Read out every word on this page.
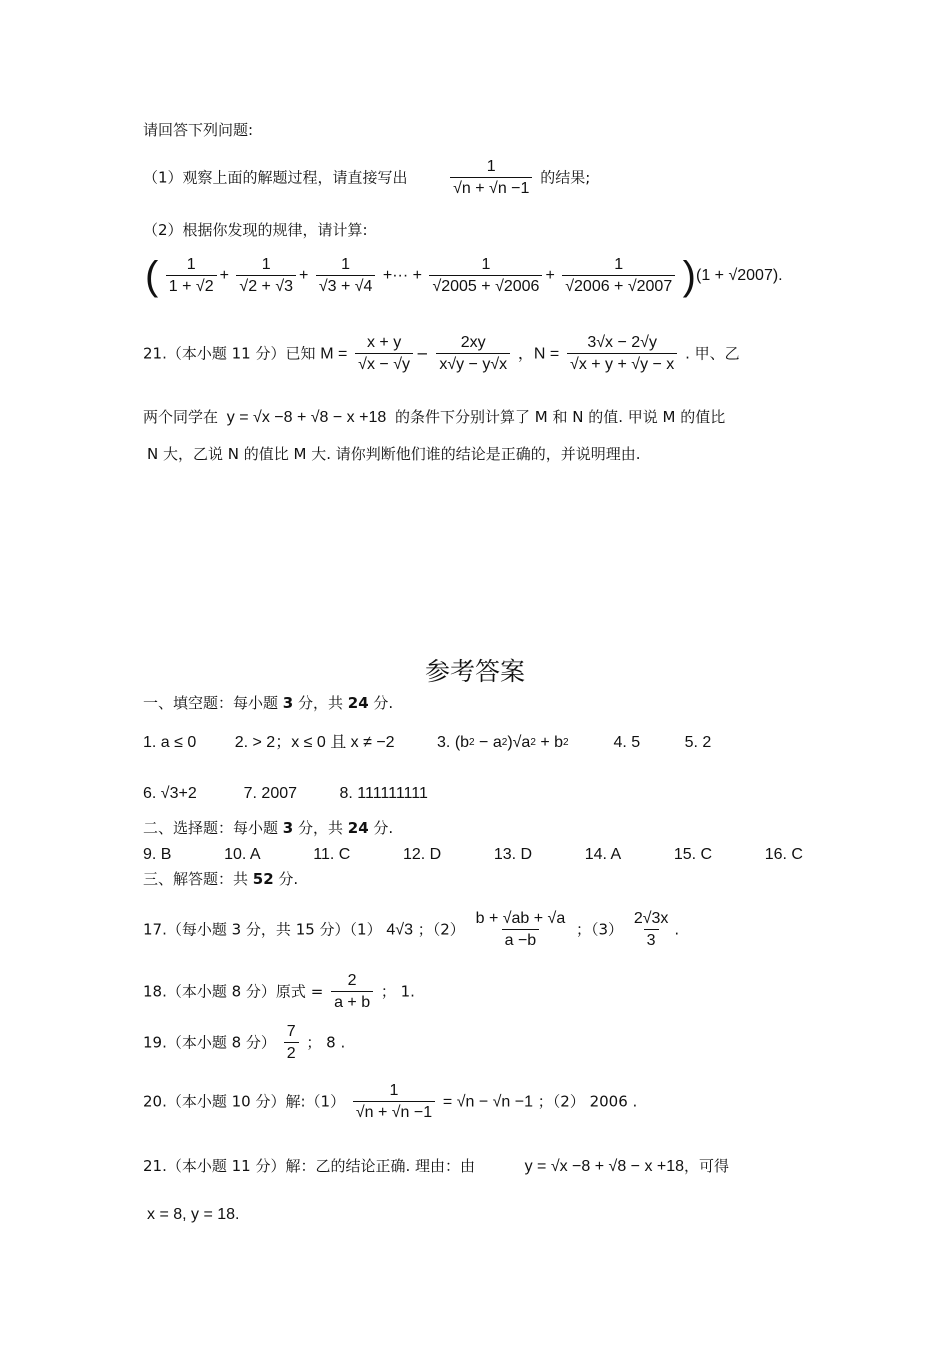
请回答下列问题:
（1）观察上面的解题过程，请直接写出	$\frac{1}{√n + √n -1}$ 的结果;
（2）根据你发现的规律，请计算:
( $\frac{1}{1 + √2} + \frac{1}{√2 + √3} + \frac{1}{√3 + √4}$ +··· + $\frac{1}{√2005 + √2006} + \frac{1}{√2006 + √2007} )(1 + √2007)$.
21.（本小题 11 分）已知 $M = \frac{x + y}{√x - √y} - \frac{2xy}{x√y - y√x}$ ，$N = \frac{3√x - 2√y}{√x + y + √y - x}$ . 甲、乙
两个同学在 y = √x −8 + √8 − x +18 的条件下分别计算了 M 和 N 的值. 甲说 M 的值比
N 大，乙说 N 的值比 M 大. 请你判断他们谁的结论是正确的，并说明理由.
参考答案
一、填空题：每小题 3 分，共 24 分.
1. a ≤ 0 2. > 2；x ≤ 0 且 x ≠ −2	3. $(b^2 - a^2)√a^2 + b^2$	4. 5	5. 2
6. √3+2	7. 2007	8. 111111111
二、选择题：每小题 3 分，共 24 分.
9. B	10. A	11. C	12. D	13. D	14. A	15. C	16. C
三、解答题：共 52 分.
17.（每小题 3 分，共 15 分）（1） 4√3 ；$(2) \frac{b + √ab + √a}{a -b}$ ；$(3) \frac{2√3x}{3}$ .
18.（本小题 8 分）原式 = $\frac{2}{a + b}$ ； 1.
19.（本小题 8 分） $\frac{7}{2}$ ； 8 .
20.（本小题 10 分）解:（1） $\frac{1}{√n + √n -1} = √n - √n -1$ ；（2） 2006 .
21.（本小题 11 分）解：乙的结论正确. 理由：由	y = √x −8 + √8 − x +18，可得
x = 8, y = 18.
